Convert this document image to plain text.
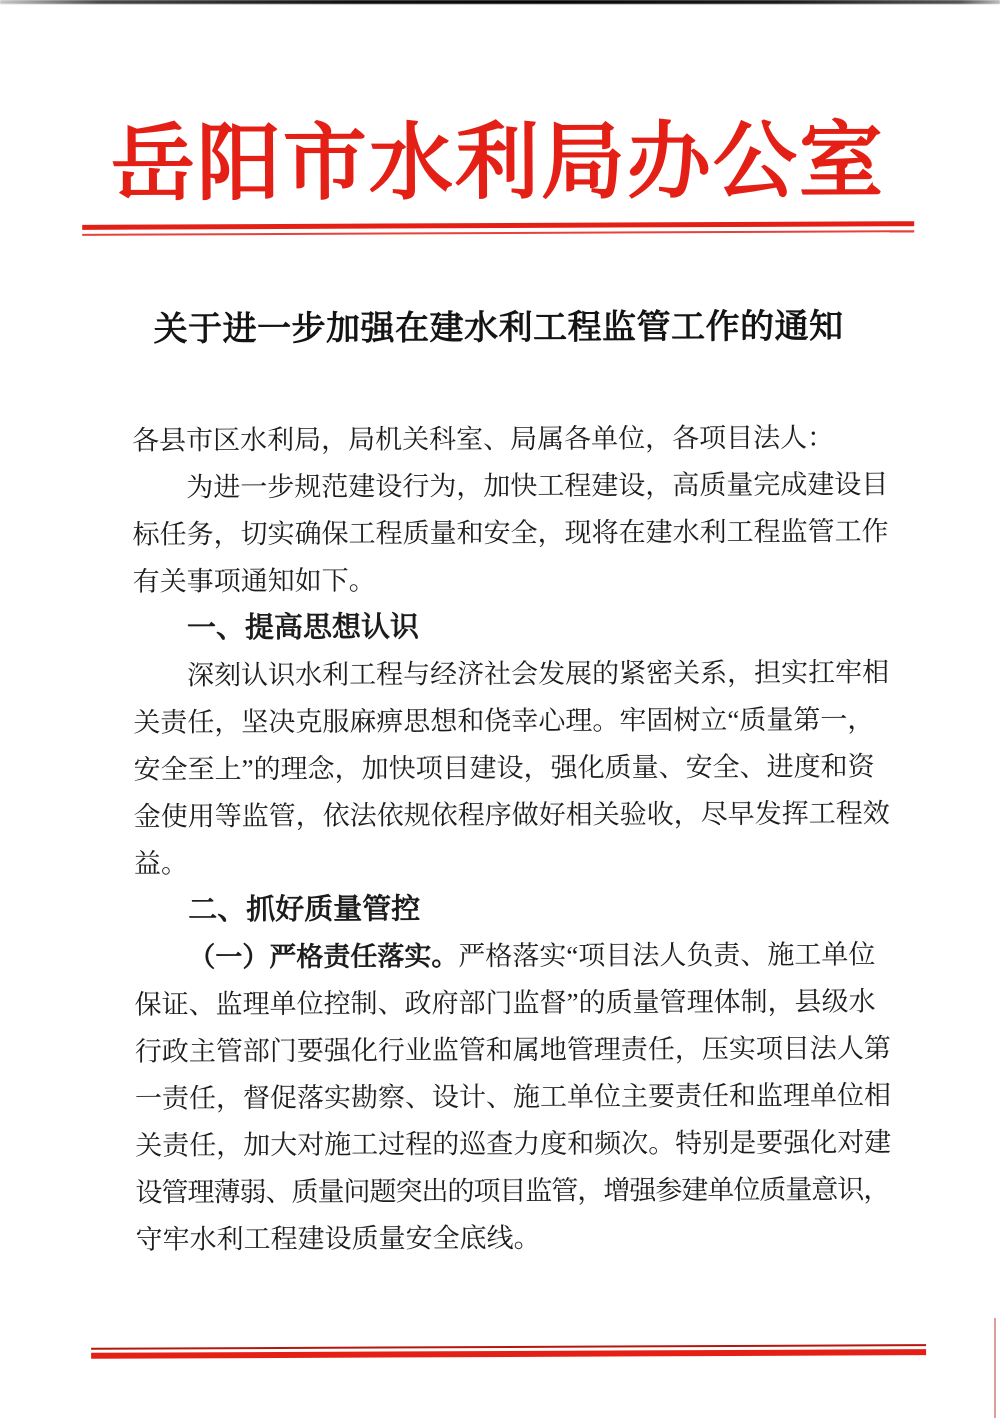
岳阳市水利局办公室
关于进一步加强在建水利工程监管工作的通知
各县市区水利局，局机关科室、局属各单位，各项目法人：
为进一步规范建设行为，加快工程建设，高质量完成建设目
标任务，切实确保工程质量和安全，现将在建水利工程监管工作
有关事项通知如下。
一、提高思想认识
深刻认识水利工程与经济社会发展的紧密关系，担实扛牢相
关责任，坚决克服麻痹思想和侥幸心理。牢固树立“质量第一，
安全至上”的理念，加快项目建设，强化质量、安全、进度和资
金使用等监管，依法依规依程序做好相关验收，尽早发挥工程效
益。
二、抓好质量管控
（一）严格责任落实。严格落实“项目法人负责、施工单位
保证、监理单位控制、政府部门监督”的质量管理体制，县级水
行政主管部门要强化行业监管和属地管理责任，压实项目法人第
一责任，督促落实勘察、设计、施工单位主要责任和监理单位相
关责任，加大对施工过程的巡查力度和频次。特别是要强化对建
设管理薄弱、质量问题突出的项目监管，增强参建单位质量意识，
守牢水利工程建设质量安全底线。
